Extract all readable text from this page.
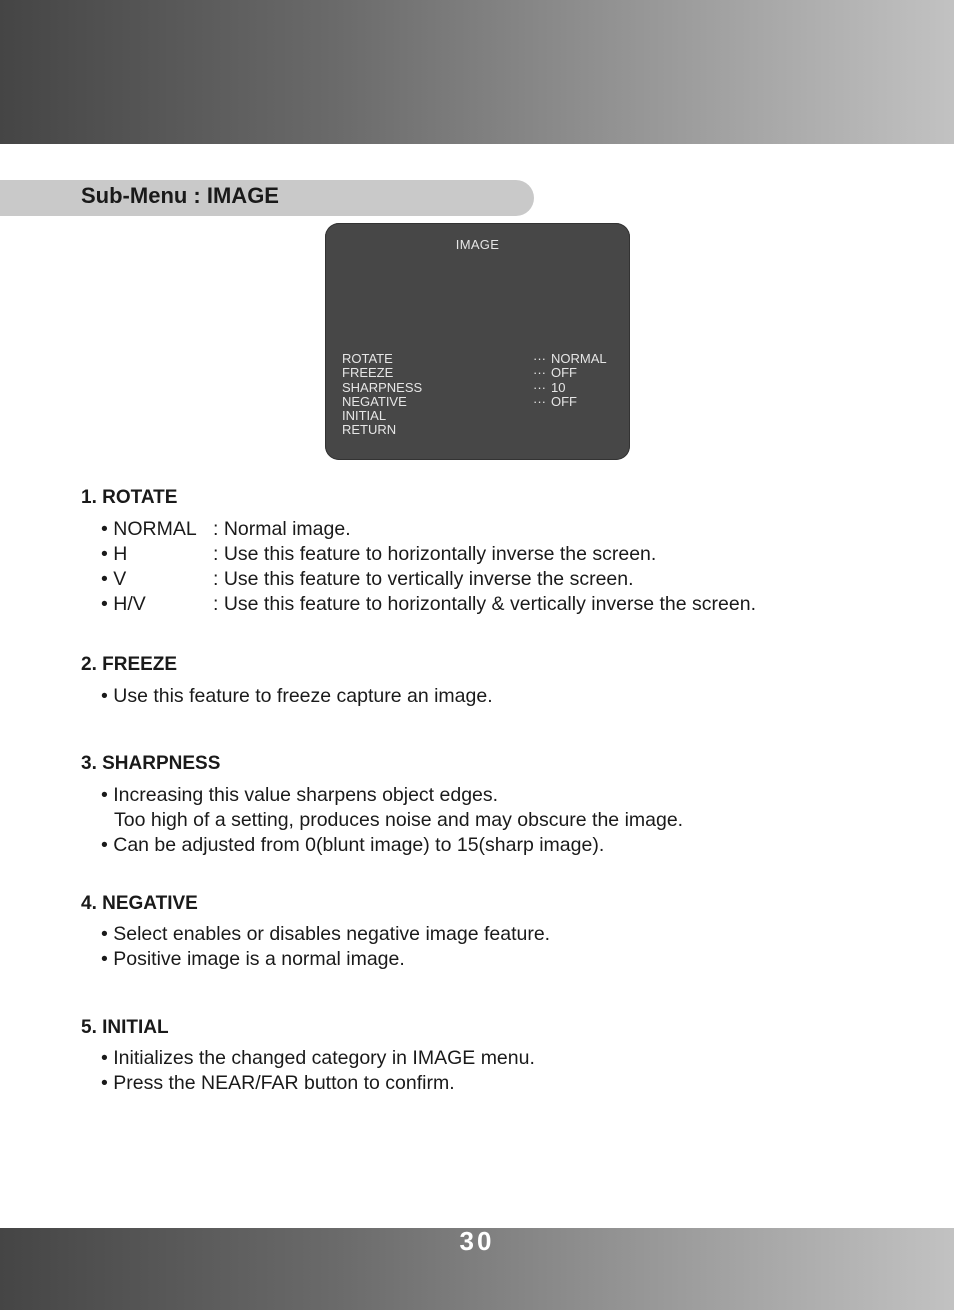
Sub-Menu : IMAGE
IMAGE
ROTATE	··· NORMAL
FREEZE	··· OFF
SHARPNESS	··· 10
NEGATIVE	··· OFF
INITIAL
RETURN
1. ROTATE
• NORMAL : Normal image.
• H	: Use this feature to horizontally inverse the screen.
• V	: Use this feature to vertically inverse the screen.
• H/V	: Use this feature to horizontally & vertically inverse the screen.
2. FREEZE
• Use this feature to freeze capture an image.
3. SHARPNESS
• Increasing this value sharpens object edges.
Too high of a setting, produces noise and may obscure the image.
• Can be adjusted from 0(blunt image) to 15(sharp image).
4. NEGATIVE
• Select enables or disables negative image feature.
• Positive image is a normal image.
5. INITIAL
• Initializes the changed category in IMAGE menu.
• Press the NEAR/FAR button to confirm.
30
